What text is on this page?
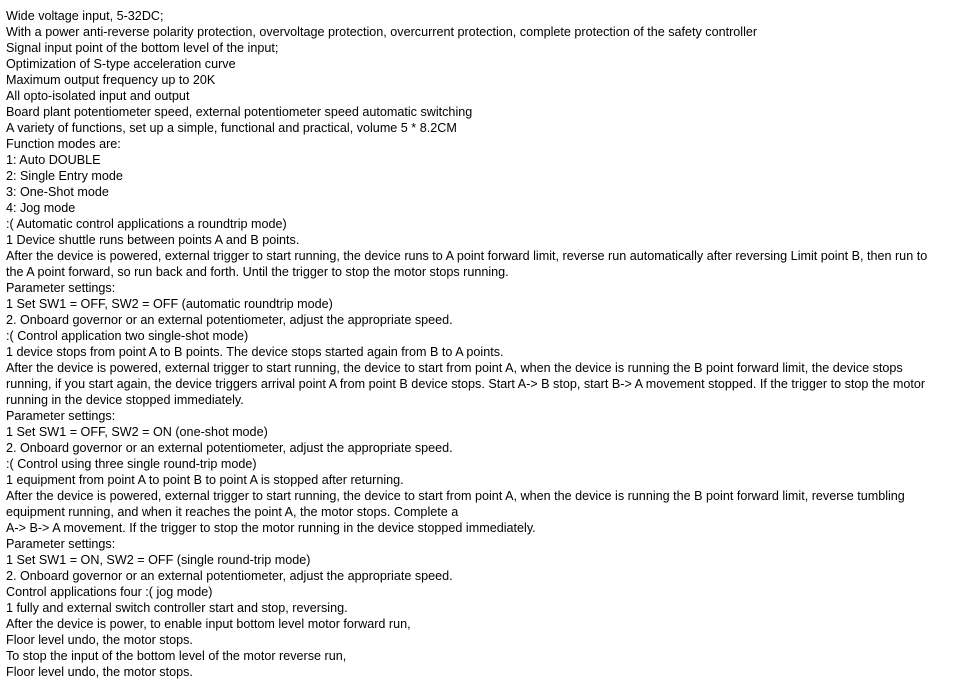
Wide voltage input, 5-32DC;
With a power anti-reverse polarity protection, overvoltage protection, overcurrent protection, complete protection of the safety controller
Signal input point of the bottom level of the input;
Optimization of S-type acceleration curve
Maximum output frequency up to 20K
All opto-isolated input and output
Board plant potentiometer speed, external potentiometer speed automatic switching
A variety of functions, set up a simple, functional and practical, volume 5 * 8.2CM
Function modes are:
1: Auto DOUBLE
2: Single Entry mode
3: One-Shot mode
4: Jog mode
:( Automatic control applications a roundtrip mode)
1 Device shuttle runs between points A and B points.
After the device is powered, external trigger to start running, the device runs to A point forward limit, reverse run automatically after reversing Limit point B, then run to
the A point forward, so run back and forth. Until the trigger to stop the motor stops running.
Parameter settings:
1 Set SW1 = OFF, SW2 = OFF (automatic roundtrip mode)
2. Onboard governor or an external potentiometer, adjust the appropriate speed.
:( Control application two single-shot mode)
1 device stops from point A to B points. The device stops started again from B to A points.
After the device is powered, external trigger to start running, the device to start from point A, when the device is running the B point forward limit, the device stops
running, if you start again, the device triggers arrival point A from point B device stops. Start A-> B stop, start B-> A movement stopped. If the trigger to stop the motor
running in the device stopped immediately.
Parameter settings:
1 Set SW1 = OFF, SW2 = ON (one-shot mode)
2. Onboard governor or an external potentiometer, adjust the appropriate speed.
:( Control using three single round-trip mode)
1 equipment from point A to point B to point A is stopped after returning.
After the device is powered, external trigger to start running, the device to start from point A, when the device is running the B point forward limit, reverse tumbling
equipment running, and when it reaches the point A, the motor stops. Complete a
A-> B-> A movement. If the trigger to stop the motor running in the device stopped immediately.
Parameter settings:
1 Set SW1 = ON, SW2 = OFF (single round-trip mode)
2. Onboard governor or an external potentiometer, adjust the appropriate speed.
Control applications four :( jog mode)
1 fully and external switch controller start and stop, reversing.
After the device is power, to enable input bottom level motor forward run,
Floor level undo, the motor stops.
To stop the input of the bottom level of the motor reverse run,
Floor level undo, the motor stops.
